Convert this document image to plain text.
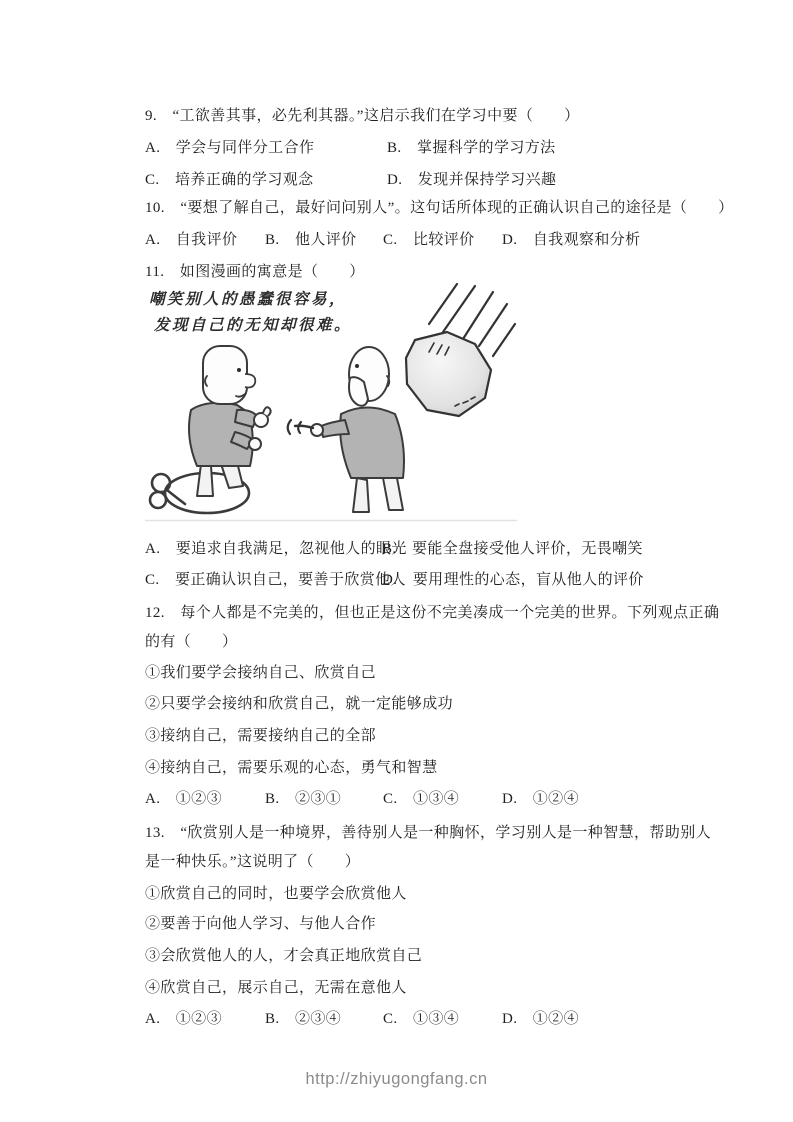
9.　“工欲善其事，必先利其器。”这启示我们在学习中要（　　）
A.　学会与同伴分工合作	B.　掌握科学的学习方法
C.　培养正确的学习观念	D.　发现并保持学习兴趣
10.　“要想了解自己，最好问问别人”。这句话所体现的正确认识自己的途径是（　　）
A.　自我评价 B.　他人评价 C.　比较评价 D.　自我观察和分析
11.　如图漫画的寓意是（　　）
嘲笑别人的愚蠢很容易，
发现自己的无知却很难。
A.　要追求自我满足，忽视他人的眼光B.　要能全盘接受他人评价，无畏嘲笑
C.　要正确认识自己，要善于欣赏他人D.　要用理性的心态，盲从他人的评价
12.　每个人都是不完美的，但也正是这份不完美凑成一个完美的世界。下列观点正确
的有（　　）
①我们要学会接纳自己、欣赏自己
②只要学会接纳和欣赏自己，就一定能够成功
③接纳自己，需要接纳自己的全部
④接纳自己，需要乐观的心态，勇气和智慧
A.　①②③	B.　②③①	C.　①③④	D.　①②④
13.　“欣赏别人是一种境界，善待别人是一种胸怀，学习别人是一种智慧，帮助别人
是一种快乐。”这说明了（　　）
①欣赏自己的同时，也要学会欣赏他人
②要善于向他人学习、与他人合作
③会欣赏他人的人，才会真正地欣赏自己
④欣赏自己，展示自己，无需在意他人
A.　①②③	B.　②③④	C.　①③④	D.　①②④
http://zhiyugongfang.cn
